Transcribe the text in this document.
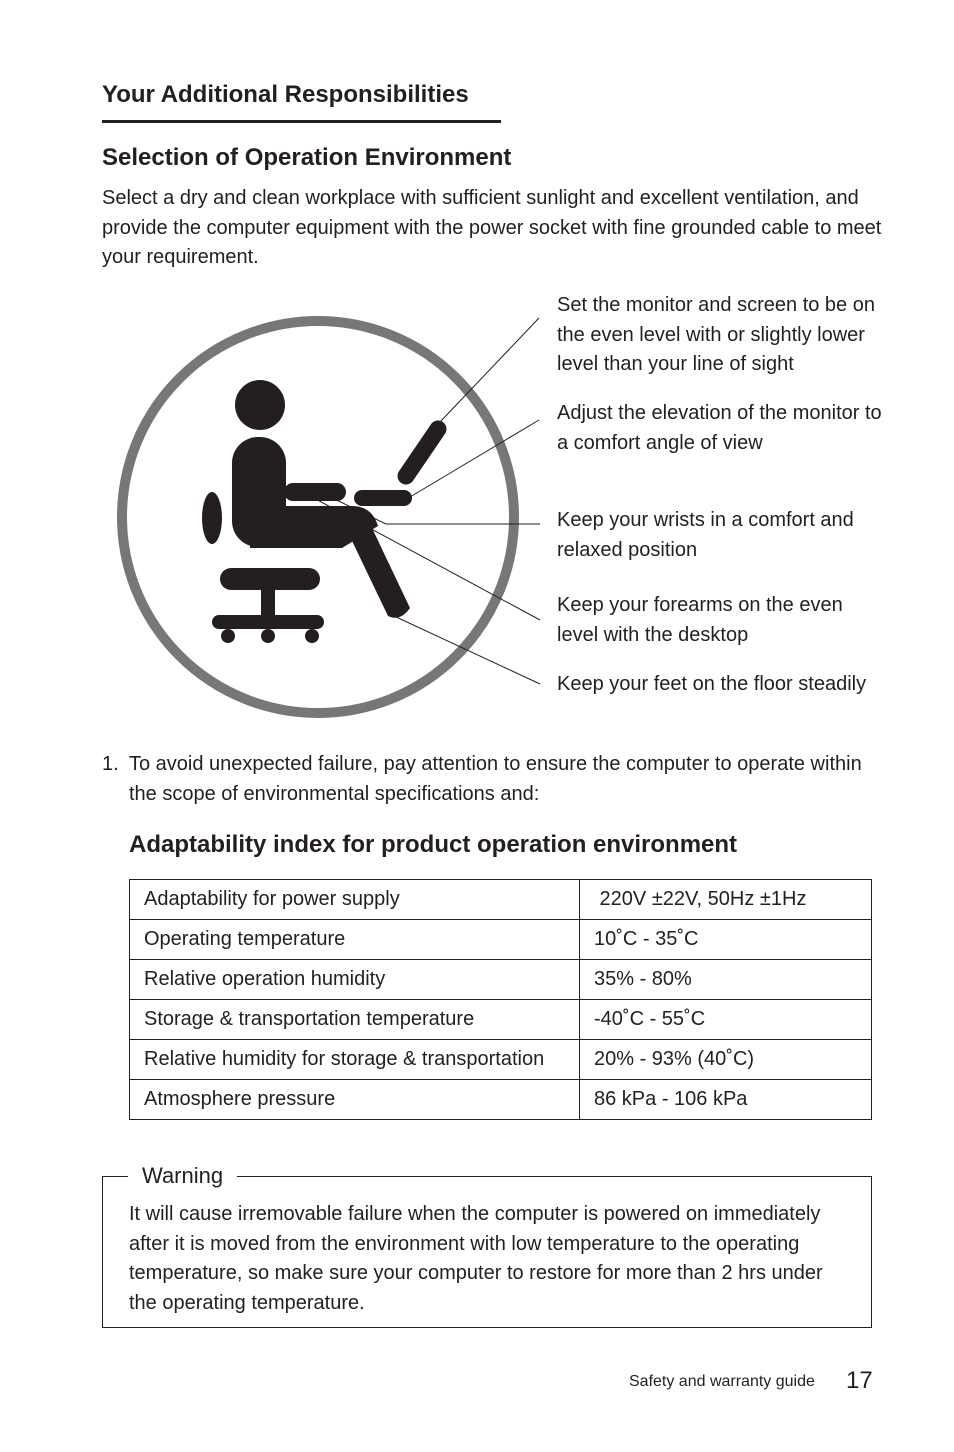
Your Additional Responsibilities
Selection of Operation Environment
Select a dry and clean workplace with sufficient sunlight and excellent ventilation, and provide the computer equipment with the power socket with fine grounded cable to meet your requirement.
Set the monitor and screen to be on the even level with or slightly lower level than your line of sight
Adjust the elevation of the monitor to a comfort angle of view
Keep your wrists in a comfort and relaxed position
Keep your forearms on the even level with the desktop
Keep your feet on the floor steadily
1. To avoid unexpected failure, pay attention to ensure the computer to operate within the scope of environmental specifications and:
Adaptability index for product operation environment
Adaptability for power supply	220V ±22V, 50Hz ±1Hz
Operating temperature	10˚C - 35˚C
Relative operation humidity	35% - 80%
Storage & transportation temperature	-40˚C - 55˚C
Relative humidity for storage & transportation	20% - 93% (40˚C)
Atmosphere pressure	86 kPa - 106 kPa
Warning
It will cause irremovable failure when the computer is powered on immediately after it is moved from the environment with low temperature to the operating temperature, so make sure your computer to restore for more than 2 hrs under the operating temperature.
Safety and warranty guide 17
